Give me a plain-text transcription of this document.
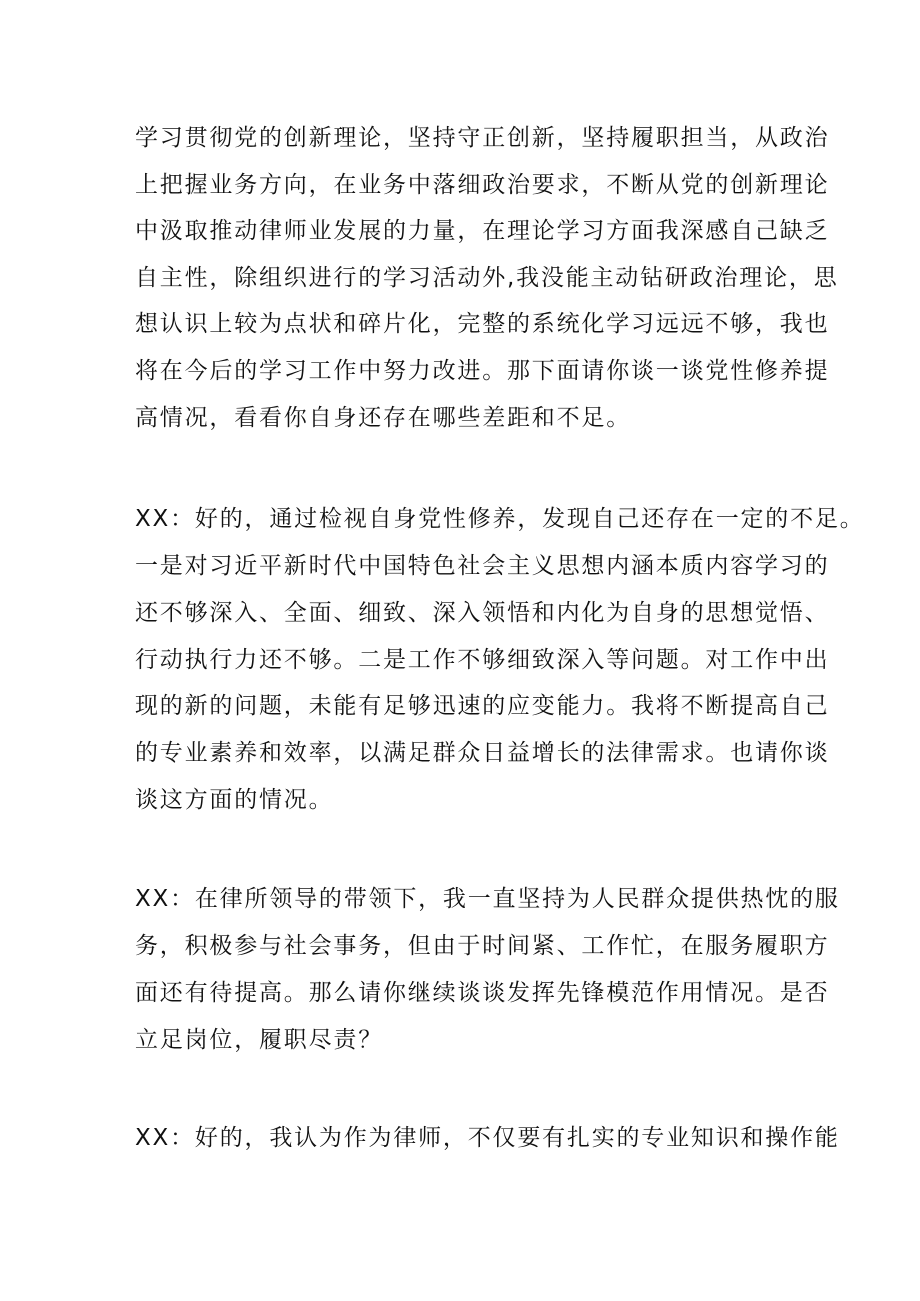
学习贯彻党的创新理论，坚持守正创新，坚持履职担当，从政治
上把握业务方向，在业务中落细政治要求，不断从党的创新理论
中汲取推动律师业发展的力量，在理论学习方面我深感自己缺乏
自主性，除组织进行的学习活动外,我没能主动钻研政治理论，思
想认识上较为点状和碎片化，完整的系统化学习远远不够，我也
将在今后的学习工作中努力改进。那下面请你谈一谈党性修养提
高情况，看看你自身还存在哪些差距和不足。
XX：好的，通过检视自身党性修养，发现自己还存在一定的不足。
一是对习近平新时代中国特色社会主义思想内涵本质内容学习的
还不够深入、全面、细致、深入领悟和内化为自身的思想觉悟、
行动执行力还不够。二是工作不够细致深入等问题。对工作中出
现的新的问题，未能有足够迅速的应变能力。我将不断提高自己
的专业素养和效率，以满足群众日益增长的法律需求。也请你谈
谈这方面的情况。
XX：在律所领导的带领下，我一直坚持为人民群众提供热忱的服
务，积极参与社会事务，但由于时间紧、工作忙，在服务履职方
面还有待提高。那么请你继续谈谈发挥先锋模范作用情况。是否
立足岗位，履职尽责？
XX：好的，我认为作为律师，不仅要有扎实的专业知识和操作能
